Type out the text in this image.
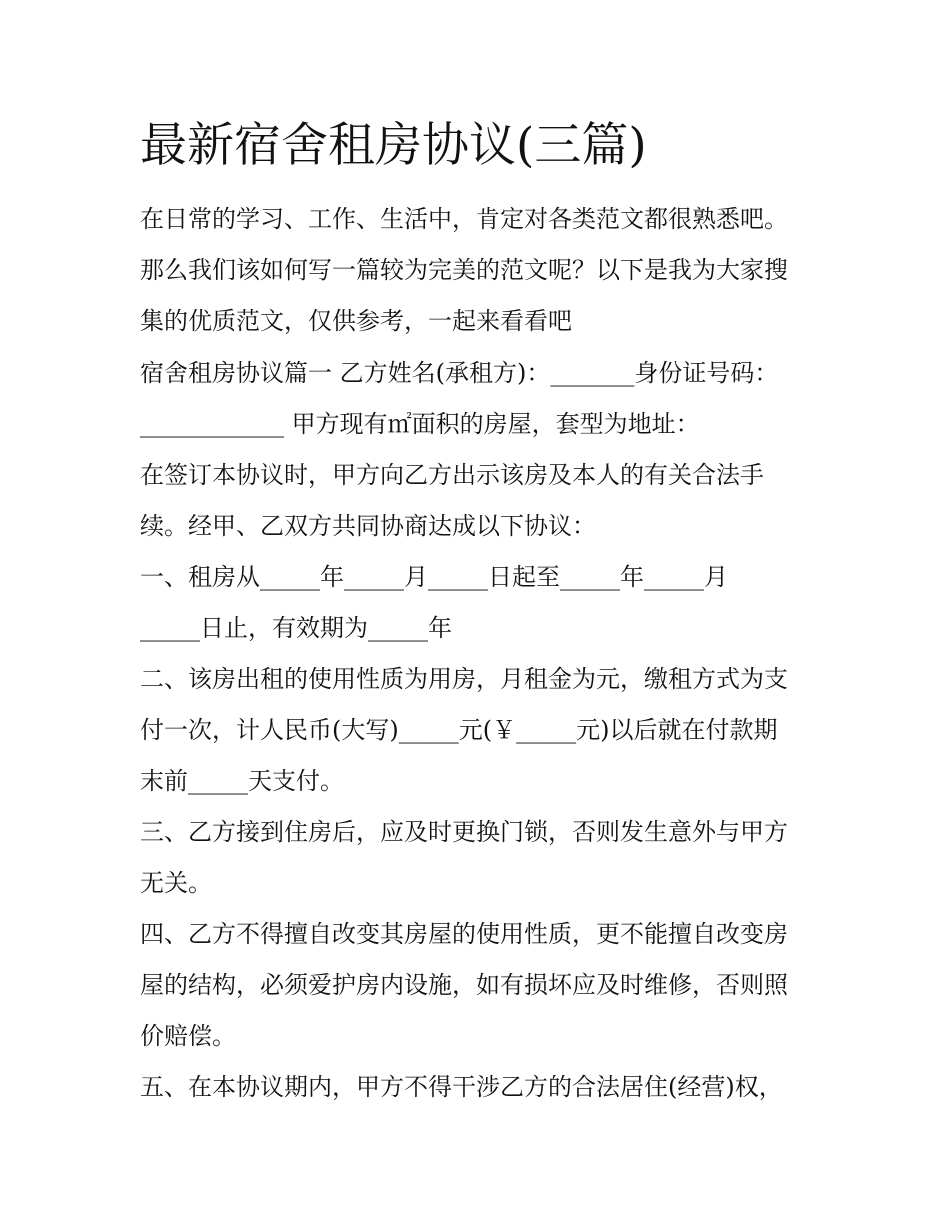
最新宿舍租房协议(三篇)

在日常的学习、工作、生活中，肯定对各类范文都很熟悉吧。

那么我们该如何写一篇较为完美的范文呢？以下是我为大家搜

集的优质范文，仅供参考，一起来看看吧

宿舍租房协议篇一 乙方姓名(承租方)：_______身份证号码：

____________ 甲方现有㎡面积的房屋，套型为地址：

在签订本协议时，甲方向乙方出示该房及本人的有关合法手

续。经甲、乙双方共同协商达成以下协议：

一、租房从_____年_____月_____日起至_____年_____月

_____日止，有效期为_____年

二、该房出租的使用性质为用房，月租金为元，缴租方式为支

付一次，计人民币(大写)_____元(￥_____元)以后就在付款期

末前_____天支付。

三、乙方接到住房后，应及时更换门锁，否则发生意外与甲方

无关。

四、乙方不得擅自改变其房屋的使用性质，更不能擅自改变房

屋的结构，必须爱护房内设施，如有损坏应及时维修，否则照

价赔偿。

五、在本协议期内，甲方不得干涉乙方的合法居住(经营)权，
